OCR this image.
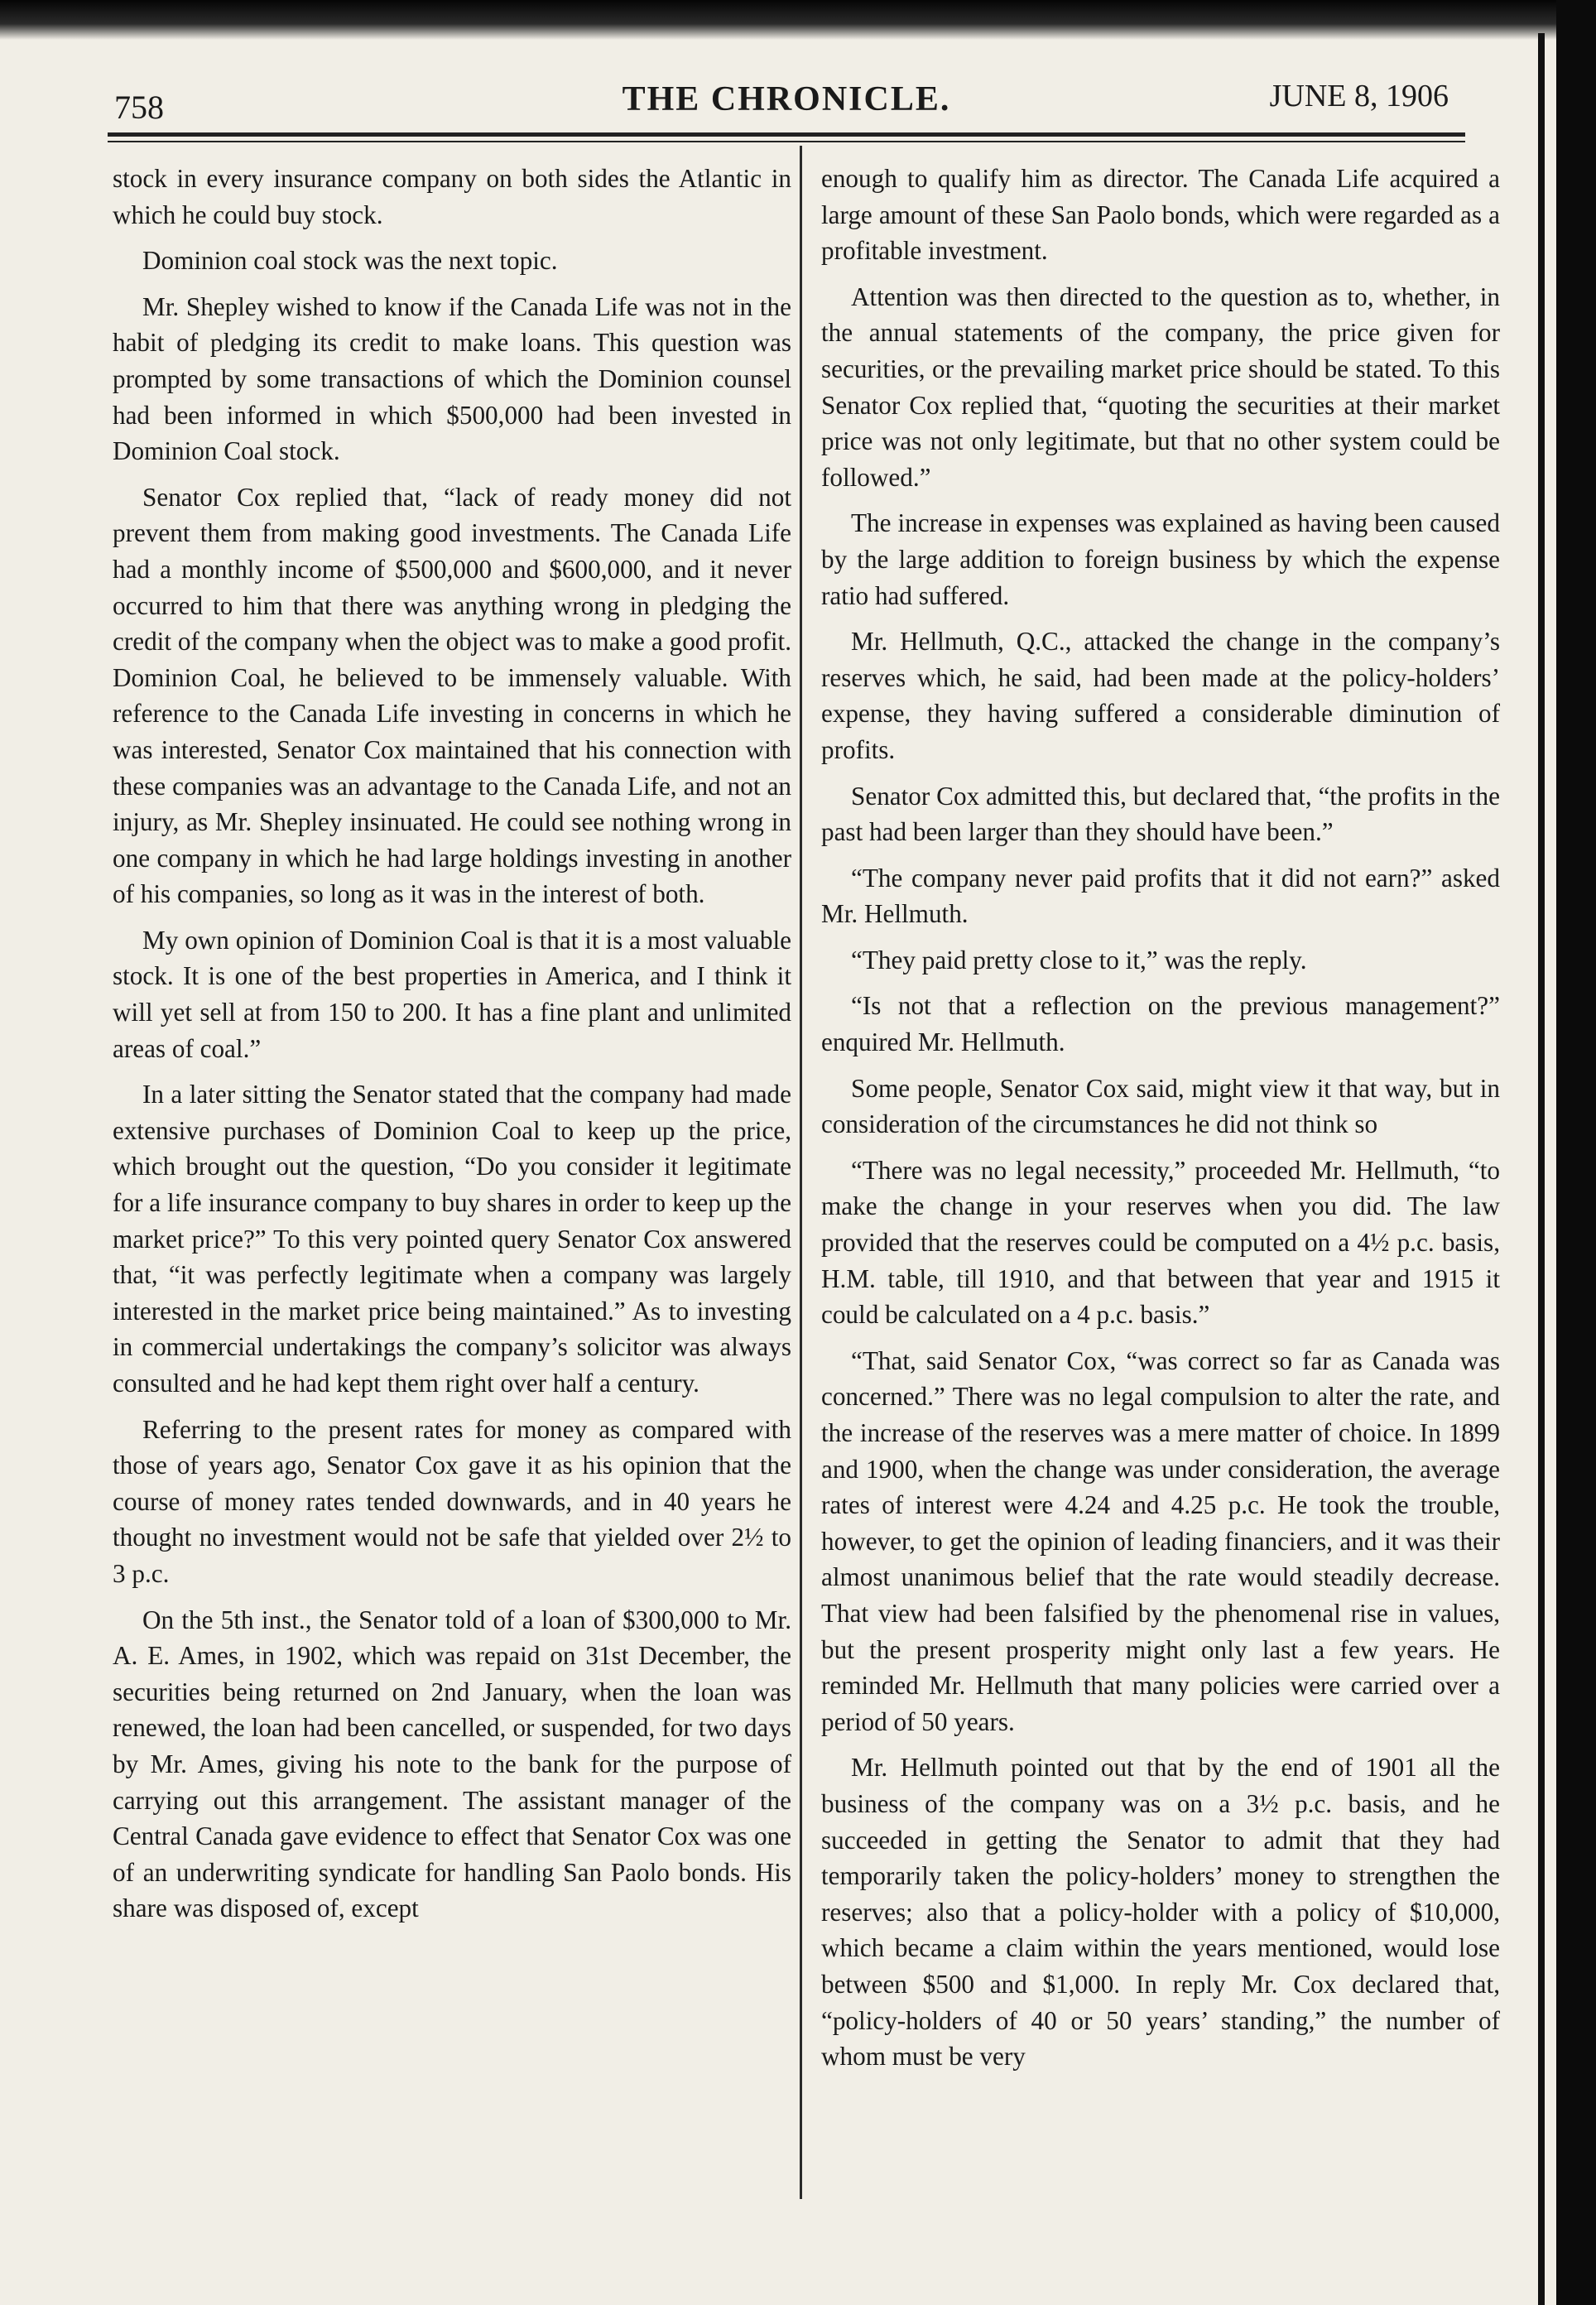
758	THE CHRONICLE.	JUNE 8, 1906

stock in every insurance company on both sides the Atlantic in which he could buy stock.

Dominion coal stock was the next topic.

Mr. Shepley wished to know if the Canada Life was not in the habit of pledging its credit to make loans. This question was prompted by some transactions of which the Dominion counsel had been informed in which $500,000 had been invested in Dominion Coal stock.

Senator Cox replied that, “lack of ready money did not prevent them from making good investments. The Canada Life had a monthly income of $500,000 and $600,000, and it never occurred to him that there was anything wrong in pledging the credit of the company when the object was to make a good profit. Dominion Coal, he believed to be immensely valuable. With reference to the Canada Life investing in concerns in which he was interested, Senator Cox maintained that his connection with these companies was an advantage to the Canada Life, and not an injury, as Mr. Shepley insinuated. He could see nothing wrong in one company in which he had large holdings investing in another of his companies, so long as it was in the interest of both.

My own opinion of Dominion Coal is that it is a most valuable stock. It is one of the best properties in America, and I think it will yet sell at from 150 to 200. It has a fine plant and unlimited areas of coal.”

In a later sitting the Senator stated that the company had made extensive purchases of Dominion Coal to keep up the price, which brought out the question, “Do you consider it legitimate for a life insurance company to buy shares in order to keep up the market price?” To this very pointed query Senator Cox answered that, “it was perfectly legitimate when a company was largely interested in the market price being maintained.” As to investing in commercial undertakings the company’s solicitor was always consulted and he had kept them right over half a century.

Referring to the present rates for money as compared with those of years ago, Senator Cox gave it as his opinion that the course of money rates tended downwards, and in 40 years he thought no investment would not be safe that yielded over 2½ to 3 p.c.

On the 5th inst., the Senator told of a loan of $300,000 to Mr. A. E. Ames, in 1902, which was repaid on 31st December, the securities being returned on 2nd January, when the loan was renewed, the loan had been cancelled, or suspended, for two days by Mr. Ames, giving his note to the bank for the purpose of carrying out this arrangement. The assistant manager of the Central Canada gave evidence to effect that Senator Cox was one of an underwriting syndicate for handling San Paolo bonds. His share was disposed of, except

enough to qualify him as director. The Canada Life acquired a large amount of these San Paolo bonds, which were regarded as a profitable investment.

Attention was then directed to the question as to, whether, in the annual statements of the company, the price given for securities, or the prevailing market price should be stated. To this Senator Cox replied that, “quoting the securities at their market price was not only legitimate, but that no other system could be followed.”

The increase in expenses was explained as having been caused by the large addition to foreign business by which the expense ratio had suffered.

Mr. Hellmuth, Q.C., attacked the change in the company’s reserves which, he said, had been made at the policy-holders’ expense, they having suffered a considerable diminution of profits.

Senator Cox admitted this, but declared that, “the profits in the past had been larger than they should have been.”

“The company never paid profits that it did not earn?” asked Mr. Hellmuth.

“They paid pretty close to it,” was the reply.

“Is not that a reflection on the previous management?” enquired Mr. Hellmuth.

Some people, Senator Cox said, might view it that way, but in consideration of the circumstances he did not think so

“There was no legal necessity,” proceeded Mr. Hellmuth, “to make the change in your reserves when you did. The law provided that the reserves could be computed on a 4½ p.c. basis, H.M. table, till 1910, and that between that year and 1915 it could be calculated on a 4 p.c. basis.”

“That, said Senator Cox, “was correct so far as Canada was concerned.” There was no legal compulsion to alter the rate, and the increase of the reserves was a mere matter of choice. In 1899 and 1900, when the change was under consideration, the average rates of interest were 4.24 and 4.25 p.c. He took the trouble, however, to get the opinion of leading financiers, and it was their almost unanimous belief that the rate would steadily decrease. That view had been falsified by the phenomenal rise in values, but the present prosperity might only last a few years. He reminded Mr. Hellmuth that many policies were carried over a period of 50 years.

Mr. Hellmuth pointed out that by the end of 1901 all the business of the company was on a 3½ p.c. basis, and he succeeded in getting the Senator to admit that they had temporarily taken the policy-holders’ money to strengthen the reserves; also that a policy-holder with a policy of $10,000, which became a claim within the years mentioned, would lose between $500 and $1,000. In reply Mr. Cox declared that, “policy-holders of 40 or 50 years’ standing,” the number of whom must be very
